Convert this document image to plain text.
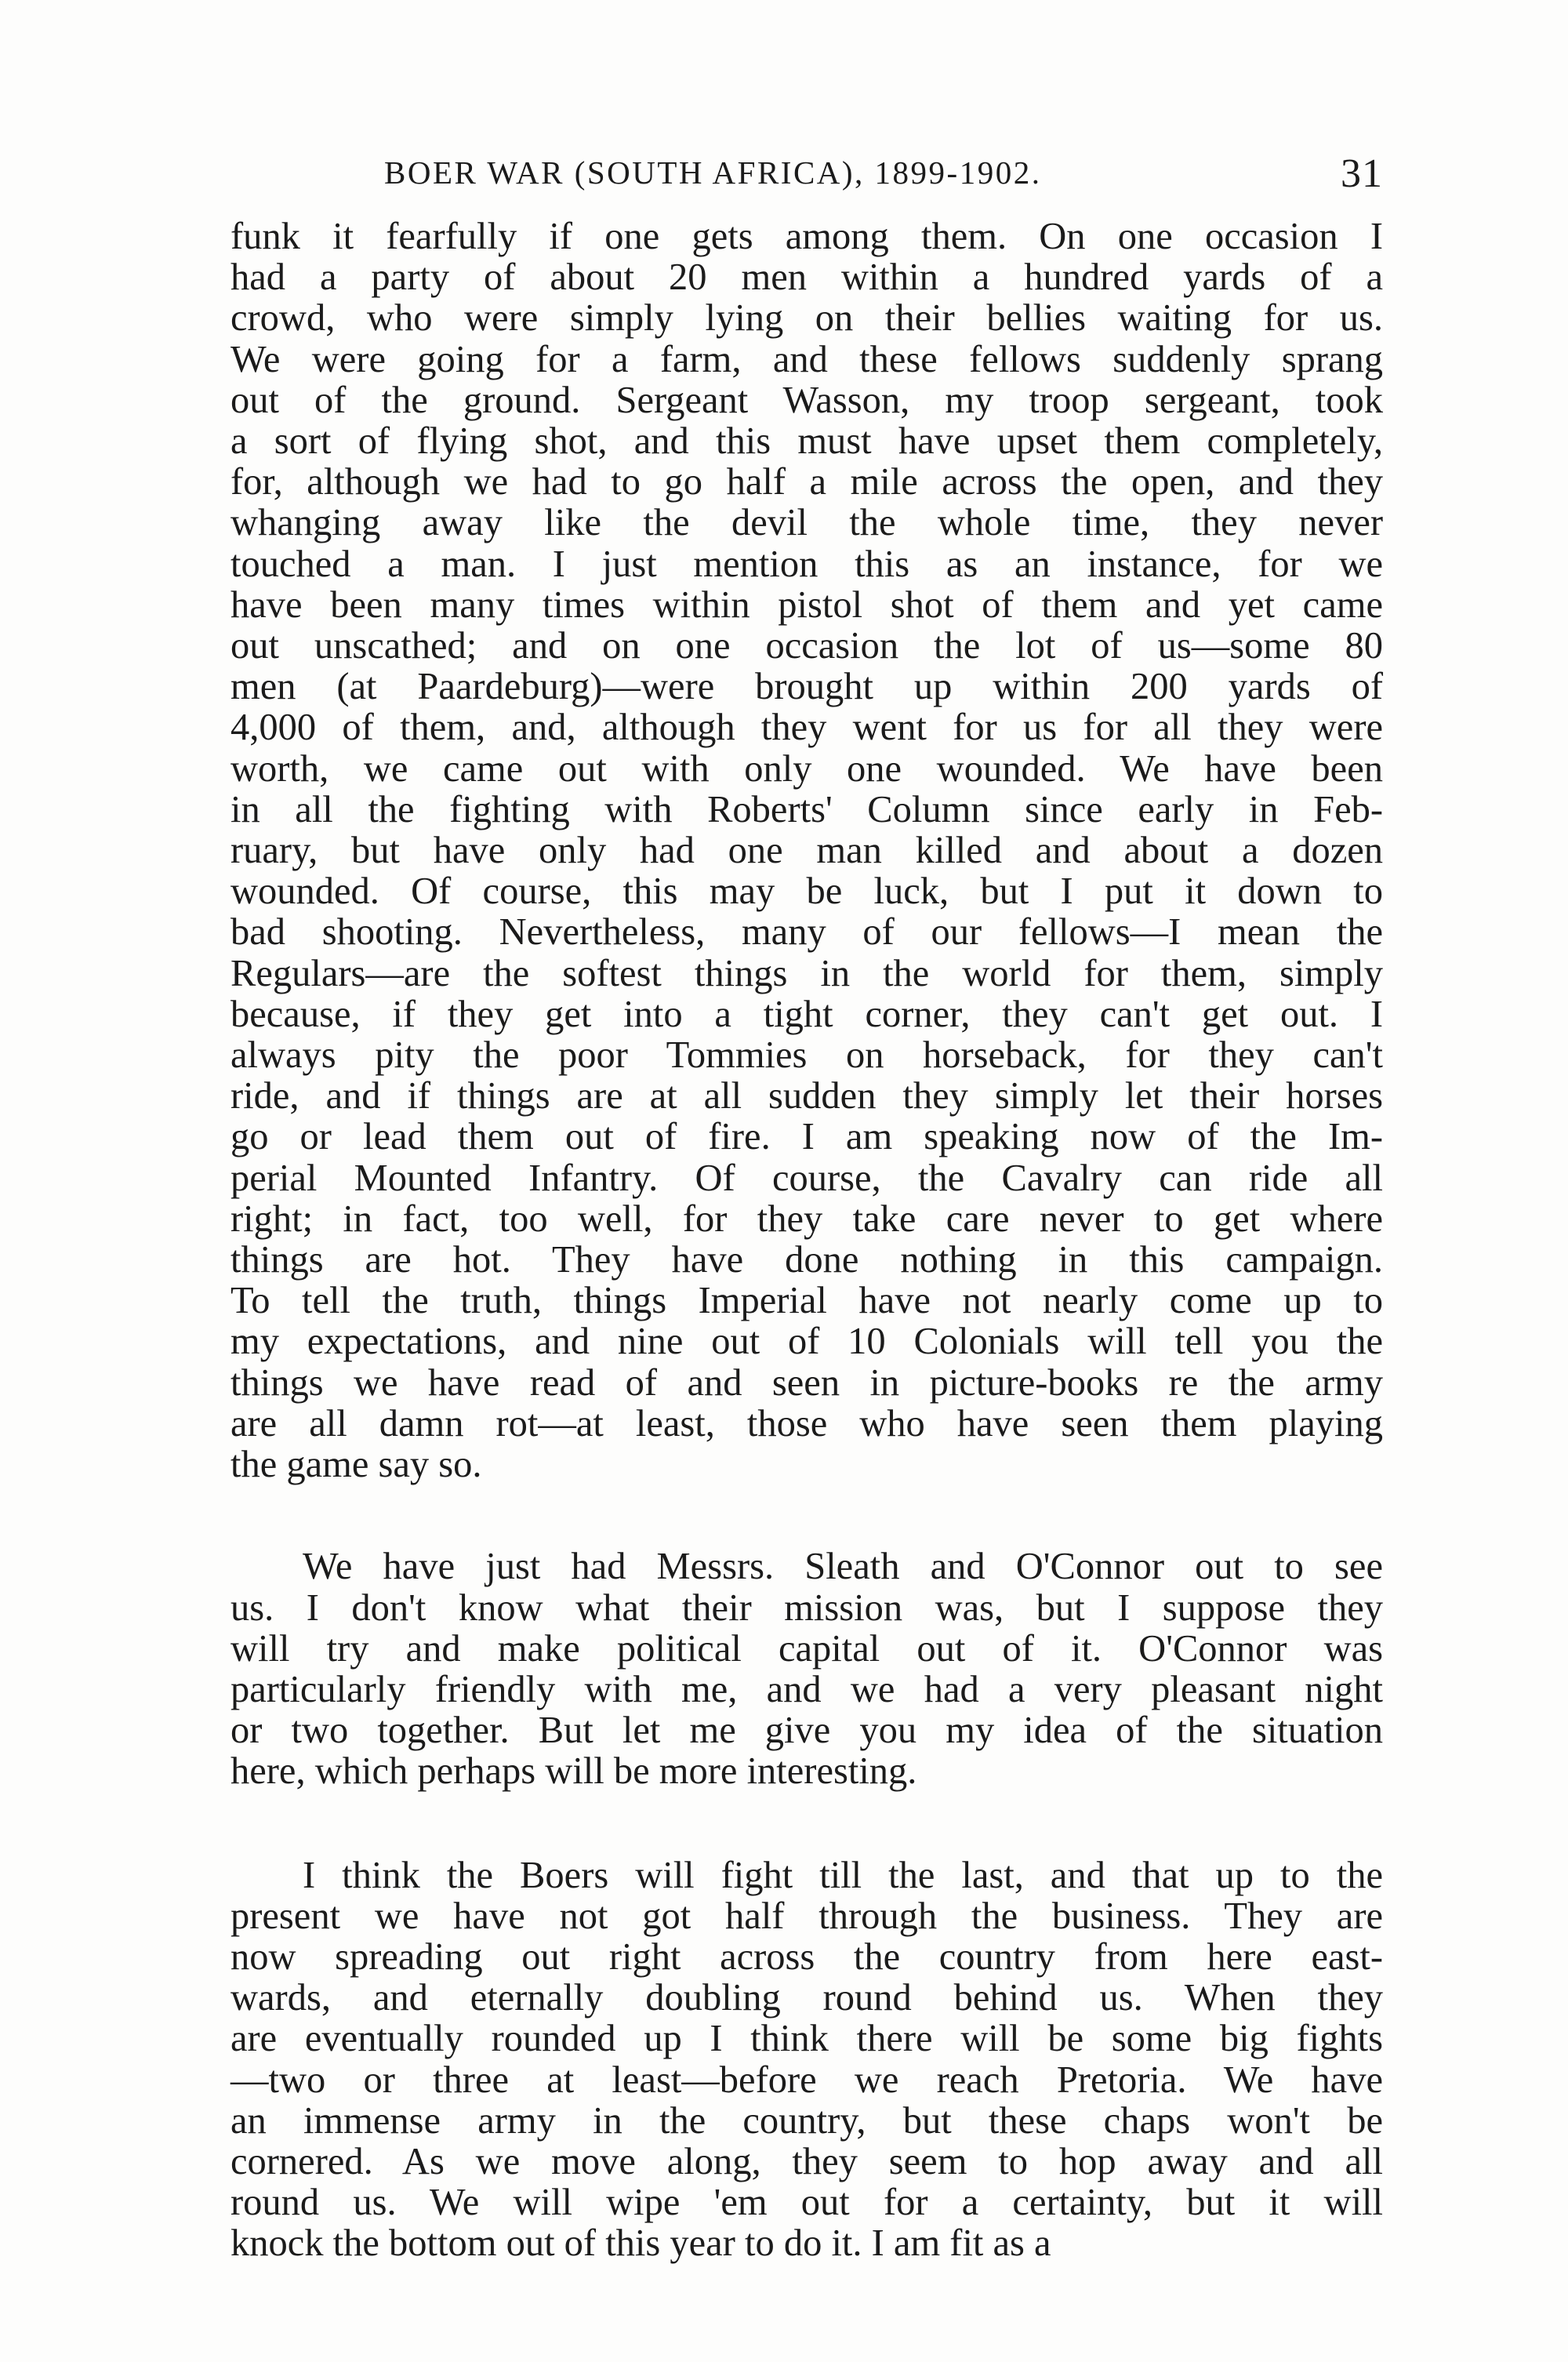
BOER WAR (SOUTH AFRICA), 1899-1902.	31
funk it fearfully if one gets among them. On one occasion I
had a party of about 20 men within a hundred yards of a
crowd, who were simply lying on their bellies waiting for us.
We were going for a farm, and these fellows suddenly sprang
out of the ground. Sergeant Wasson, my troop sergeant, took
a sort of flying shot, and this must have upset them completely,
for, although we had to go half a mile across the open, and they
whanging away like the devil the whole time, they never
touched a man. I just mention this as an instance, for we
have been many times within pistol shot of them and yet came
out unscathed; and on one occasion the lot of us—some 80
men (at Paardeburg)—were brought up within 200 yards of
4,000 of them, and, although they went for us for all they were
worth, we came out with only one wounded. We have been
in all the fighting with Roberts' Column since early in Feb-
ruary, but have only had one man killed and about a dozen
wounded. Of course, this may be luck, but I put it down to
bad shooting. Nevertheless, many of our fellows—I mean the
Regulars—are the softest things in the world for them, simply
because, if they get into a tight corner, they can't get out. I
always pity the poor Tommies on horseback, for they can't
ride, and if things are at all sudden they simply let their horses
go or lead them out of fire. I am speaking now of the Im-
perial Mounted Infantry. Of course, the Cavalry can ride all
right; in fact, too well, for they take care never to get where
things are hot. They have done nothing in this campaign.
To tell the truth, things Imperial have not nearly come up to
my expectations, and nine out of 10 Colonials will tell you the
things we have read of and seen in picture-books re the army
are all damn rot—at least, those who have seen them playing
the game say so.
We have just had Messrs. Sleath and O'Connor out to see
us. I don't know what their mission was, but I suppose they
will try and make political capital out of it. O'Connor was
particularly friendly with me, and we had a very pleasant night
or two together. But let me give you my idea of the situation
here, which perhaps will be more interesting.
I think the Boers will fight till the last, and that up to the
present we have not got half through the business. They are
now spreading out right across the country from here east-
wards, and eternally doubling round behind us. When they
are eventually rounded up I think there will be some big fights
—two or three at least—before we reach Pretoria. We have
an immense army in the country, but these chaps won't be
cornered. As we move along, they seem to hop away and all
round us. We will wipe 'em out for a certainty, but it will
knock the bottom out of this year to do it. I am fit as a
